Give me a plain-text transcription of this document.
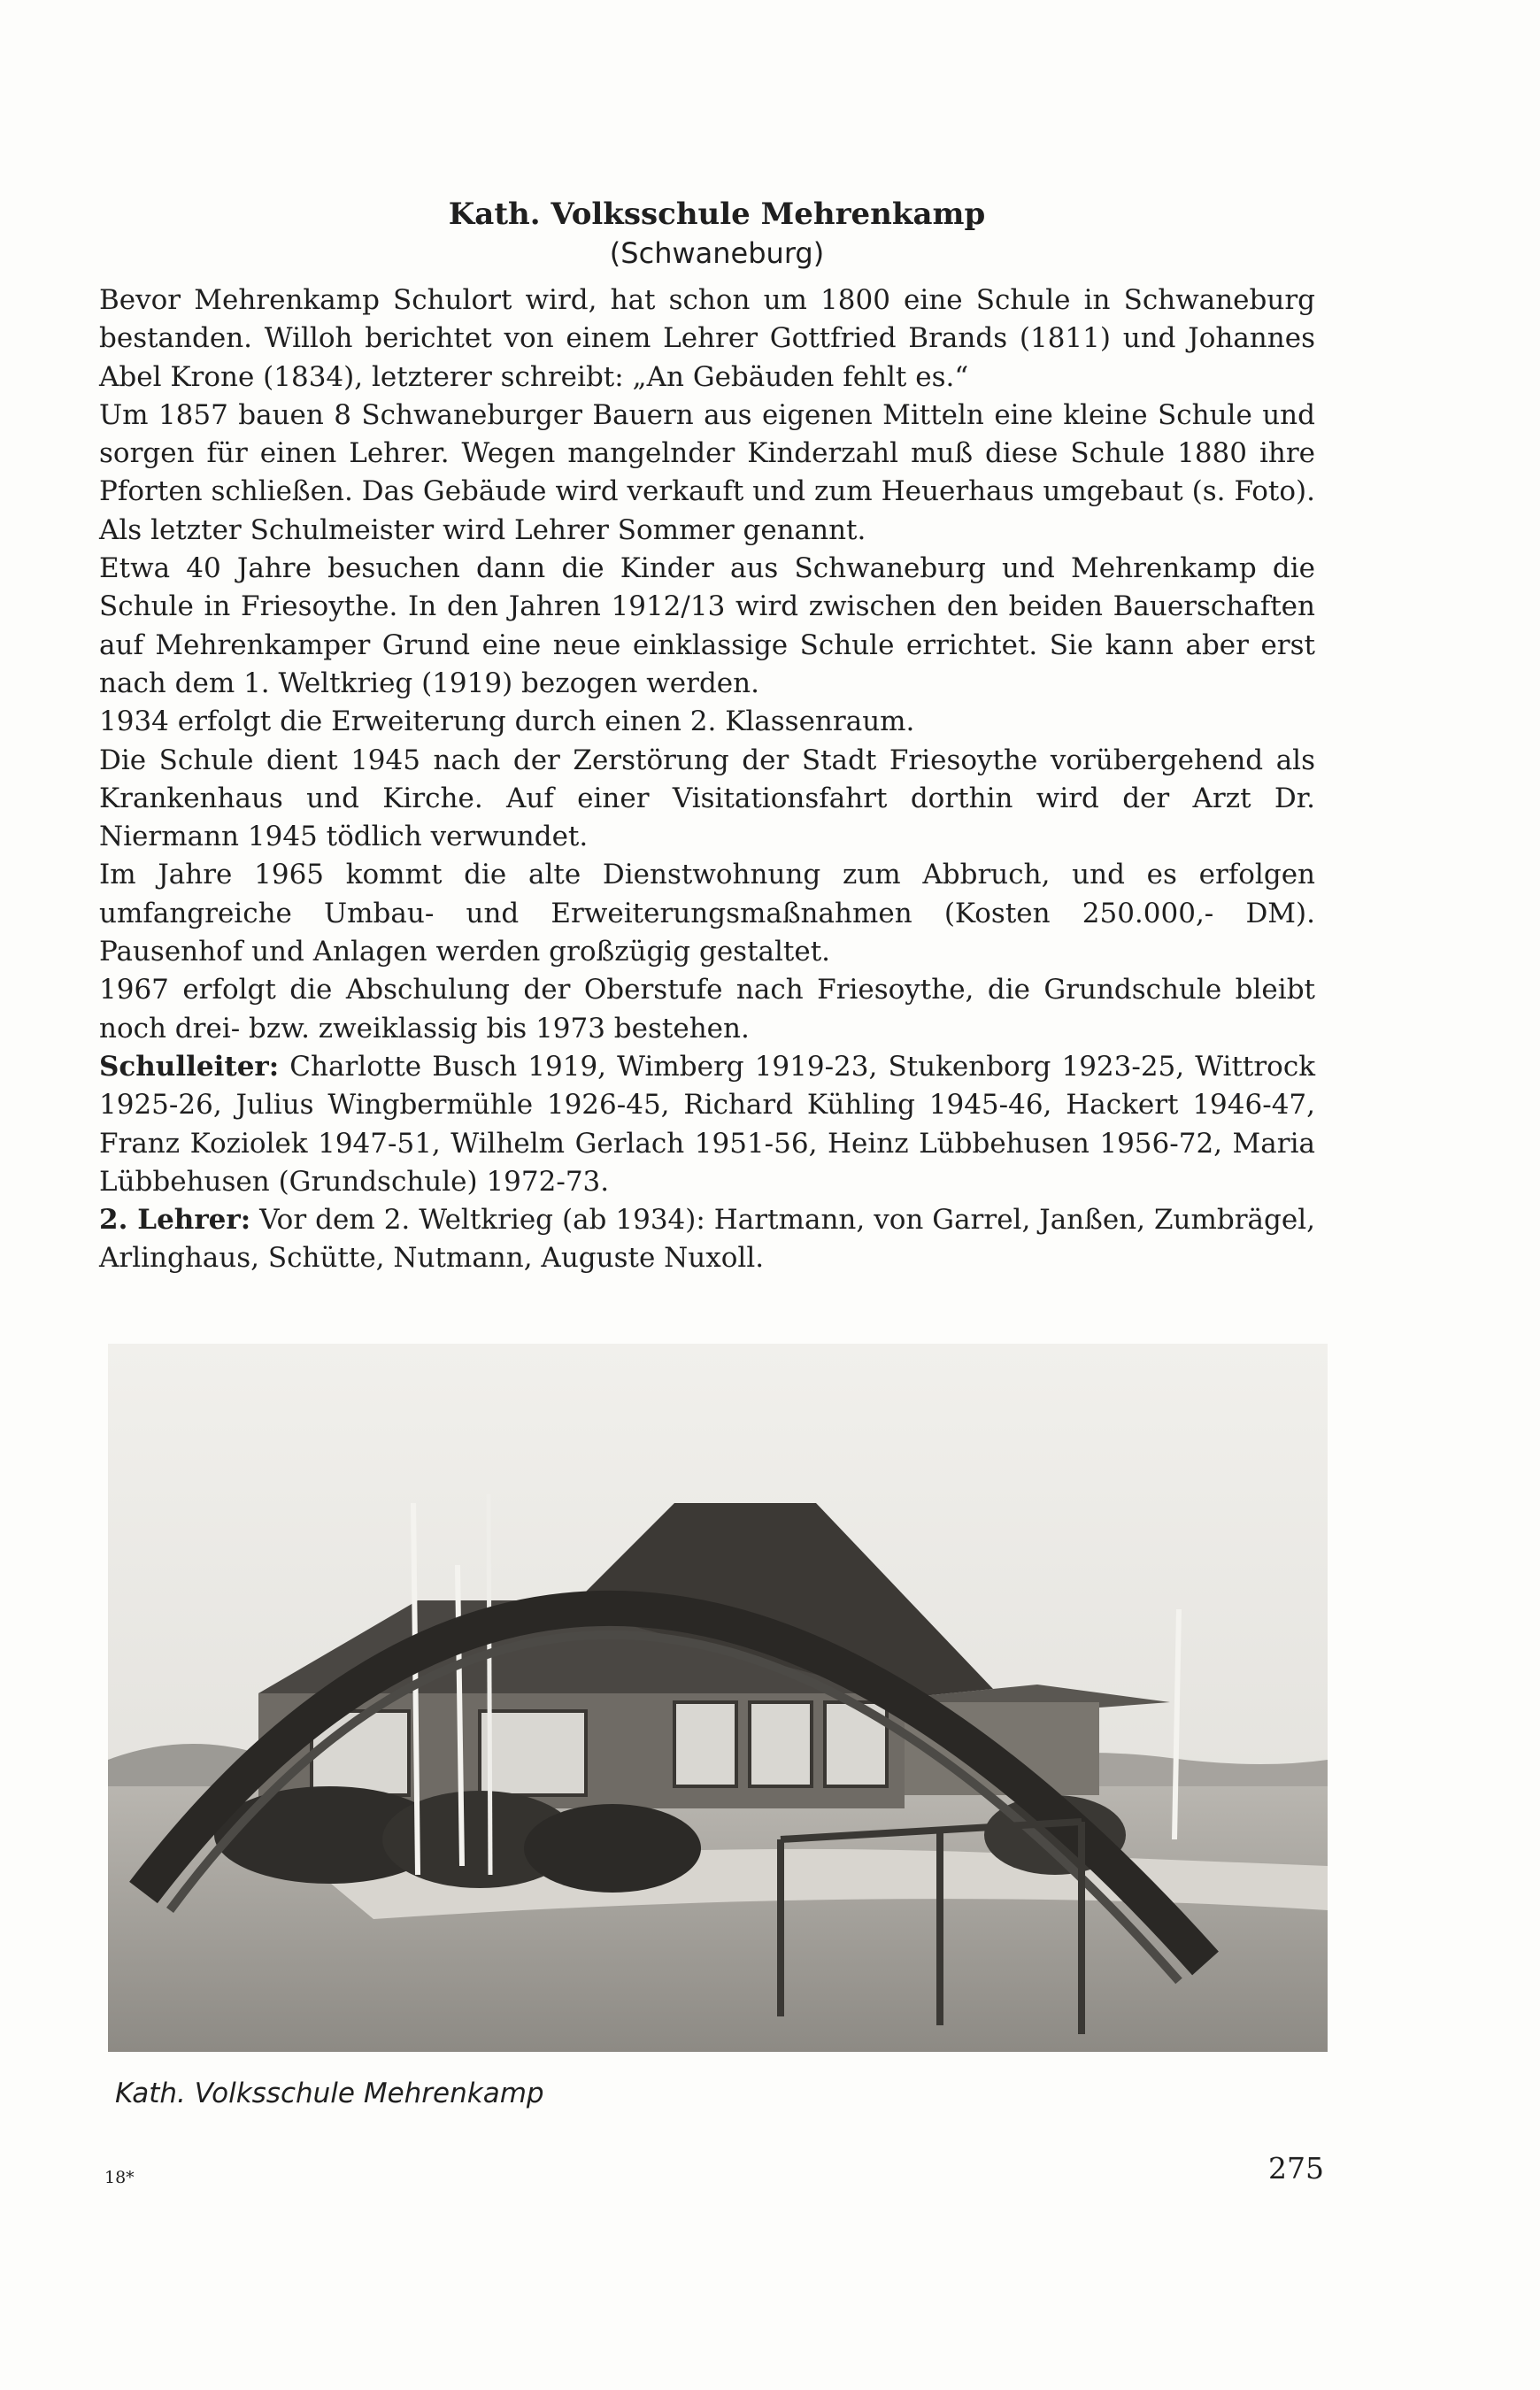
Kath. Volksschule Mehrenkamp
(Schwaneburg)

Bevor Mehrenkamp Schulort wird, hat schon um 1800 eine Schule in Schwaneburg bestanden. Willoh berichtet von einem Lehrer Gottfried Brands (1811) und Johannes Abel Krone (1834), letzterer schreibt: „An Gebäuden fehlt es.“

Um 1857 bauen 8 Schwaneburger Bauern aus eigenen Mitteln eine kleine Schule und sorgen für einen Lehrer. Wegen mangelnder Kinderzahl muß diese Schule 1880 ihre Pforten schließen. Das Gebäude wird verkauft und zum Heuerhaus umgebaut (s. Foto). Als letzter Schulmeister wird Lehrer Sommer genannt.

Etwa 40 Jahre besuchen dann die Kinder aus Schwaneburg und Mehrenkamp die Schule in Friesoythe. In den Jahren 1912/13 wird zwischen den beiden Bauerschaften auf Mehrenkamper Grund eine neue einklassige Schule errichtet. Sie kann aber erst nach dem 1. Weltkrieg (1919) bezogen werden.

1934 erfolgt die Erweiterung durch einen 2. Klassenraum.

Die Schule dient 1945 nach der Zerstörung der Stadt Friesoythe vorübergehend als Krankenhaus und Kirche. Auf einer Visitationsfahrt dorthin wird der Arzt Dr. Niermann 1945 tödlich verwundet.

Im Jahre 1965 kommt die alte Dienstwohnung zum Abbruch, und es erfolgen umfangreiche Umbau- und Erweiterungsmaßnahmen (Kosten 250.000,- DM). Pausenhof und Anlagen werden großzügig gestaltet.

1967 erfolgt die Abschulung der Oberstufe nach Friesoythe, die Grundschule bleibt noch drei- bzw. zweiklassig bis 1973 bestehen.

Schulleiter: Charlotte Busch 1919, Wimberg 1919-23, Stukenborg 1923-25, Wittrock 1925-26, Julius Wingbermühle 1926-45, Richard Kühling 1945-46, Hackert 1946-47, Franz Koziolek 1947-51, Wilhelm Gerlach 1951-56, Heinz Lübbehusen 1956-72, Maria Lübbehusen (Grundschule) 1972-73.

2. Lehrer: Vor dem 2. Weltkrieg (ab 1934): Hartmann, von Garrel, Janßen, Zumbrägel, Arlinghaus, Schütte, Nutmann, Auguste Nuxoll.

Kath. Volksschule Mehrenkamp
18*	275
